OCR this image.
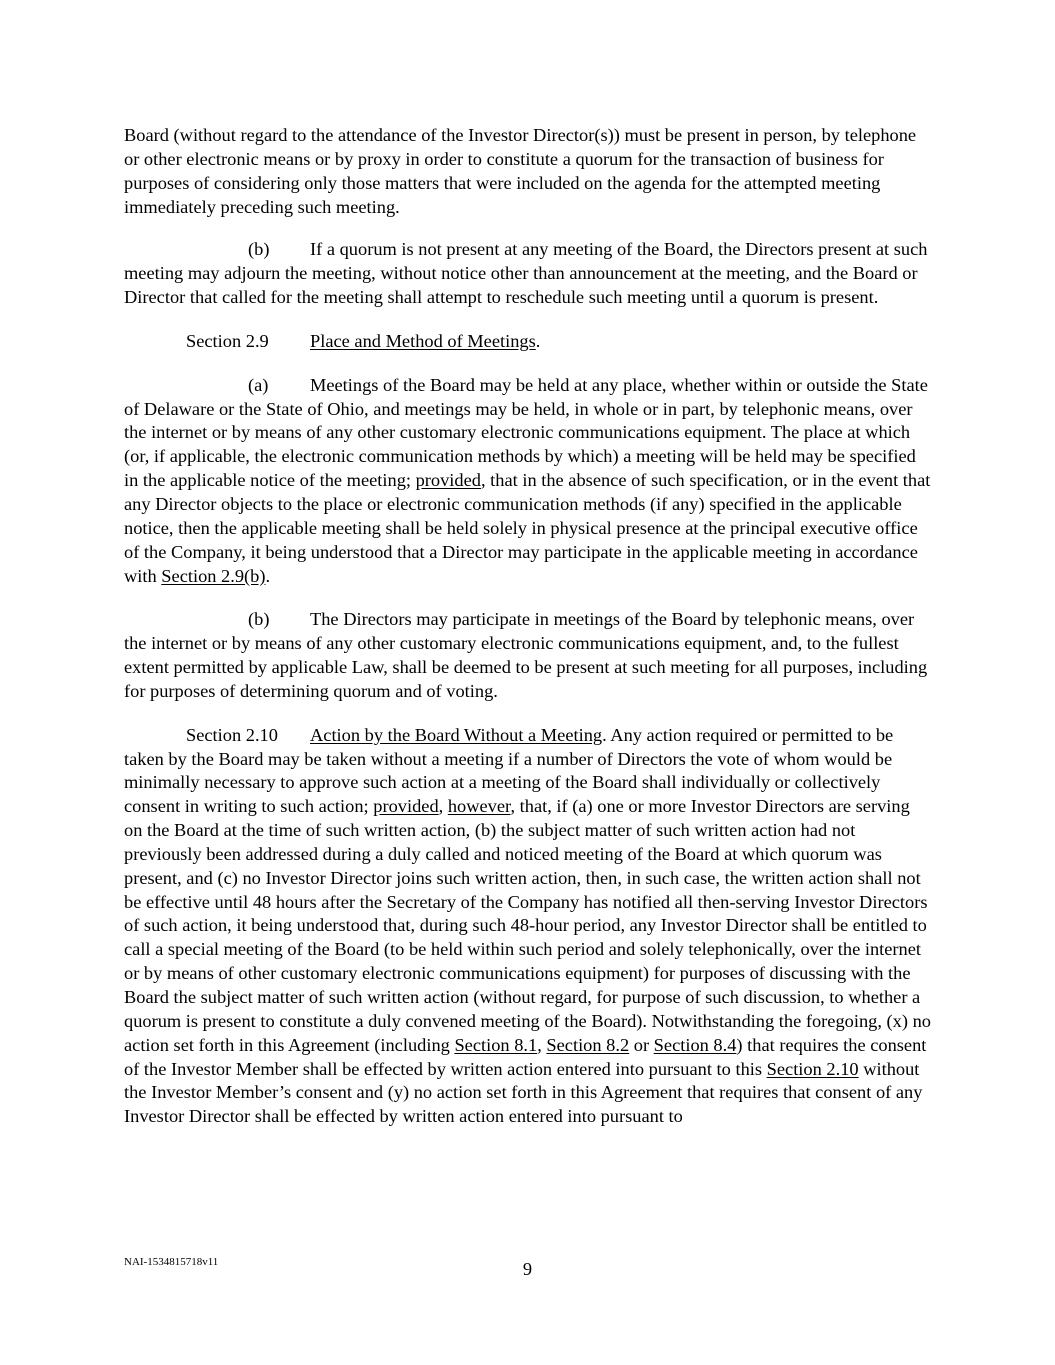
Board (without regard to the attendance of the Investor Director(s)) must be present in person, by telephone or other electronic means or by proxy in order to constitute a quorum for the transaction of business for purposes of considering only those matters that were included on the agenda for the attempted meeting immediately preceding such meeting.

(b) If a quorum is not present at any meeting of the Board, the Directors present at such meeting may adjourn the meeting, without notice other than announcement at the meeting, and the Board or Director that called for the meeting shall attempt to reschedule such meeting until a quorum is present.

Section 2.9 Place and Method of Meetings.

(a) Meetings of the Board may be held at any place, whether within or outside the State of Delaware or the State of Ohio, and meetings may be held, in whole or in part, by telephonic means, over the internet or by means of any other customary electronic communications equipment. The place at which (or, if applicable, the electronic communication methods by which) a meeting will be held may be specified in the applicable notice of the meeting; provided, that in the absence of such specification, or in the event that any Director objects to the place or electronic communication methods (if any) specified in the applicable notice, then the applicable meeting shall be held solely in physical presence at the principal executive office of the Company, it being understood that a Director may participate in the applicable meeting in accordance with Section 2.9(b).

(b) The Directors may participate in meetings of the Board by telephonic means, over the internet or by means of any other customary electronic communications equipment, and, to the fullest extent permitted by applicable Law, shall be deemed to be present at such meeting for all purposes, including for purposes of determining quorum and of voting.

Section 2.10 Action by the Board Without a Meeting. Any action required or permitted to be taken by the Board may be taken without a meeting if a number of Directors the vote of whom would be minimally necessary to approve such action at a meeting of the Board shall individually or collectively consent in writing to such action; provided, however, that, if (a) one or more Investor Directors are serving on the Board at the time of such written action, (b) the subject matter of such written action had not previously been addressed during a duly called and noticed meeting of the Board at which quorum was present, and (c) no Investor Director joins such written action, then, in such case, the written action shall not be effective until 48 hours after the Secretary of the Company has notified all then-serving Investor Directors of such action, it being understood that, during such 48-hour period, any Investor Director shall be entitled to call a special meeting of the Board (to be held within such period and solely telephonically, over the internet or by means of other customary electronic communications equipment) for purposes of discussing with the Board the subject matter of such written action (without regard, for purpose of such discussion, to whether a quorum is present to constitute a duly convened meeting of the Board). Notwithstanding the foregoing, (x) no action set forth in this Agreement (including Section 8.1, Section 8.2 or Section 8.4) that requires the consent of the Investor Member shall be effected by written action entered into pursuant to this Section 2.10 without the Investor Member’s consent and (y) no action set forth in this Agreement that requires that consent of any Investor Director shall be effected by written action entered into pursuant to

NAI-1534815718v11	9
